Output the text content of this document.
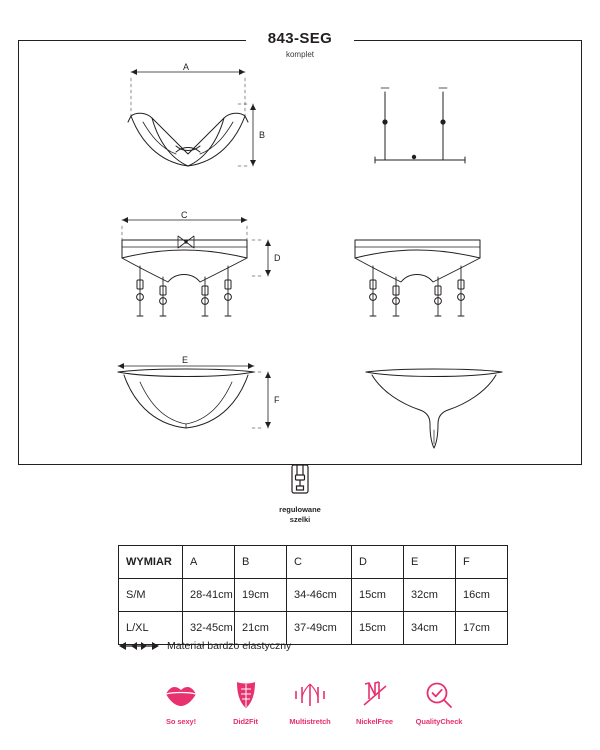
843-SEG
komplet
A
B
C
D
E
F
regulowane
szelki
WYMIAR	A	B	C	D	E	F
S/M	28-41cm	19cm	34-46cm	15cm	32cm	16cm
L/XL	32-45cm	21cm	37-49cm	15cm	34cm	17cm
Materiał bardzo elastyczny
So sexy!	Did2Fit	Multistretch	NickelFree	QualityCheck
